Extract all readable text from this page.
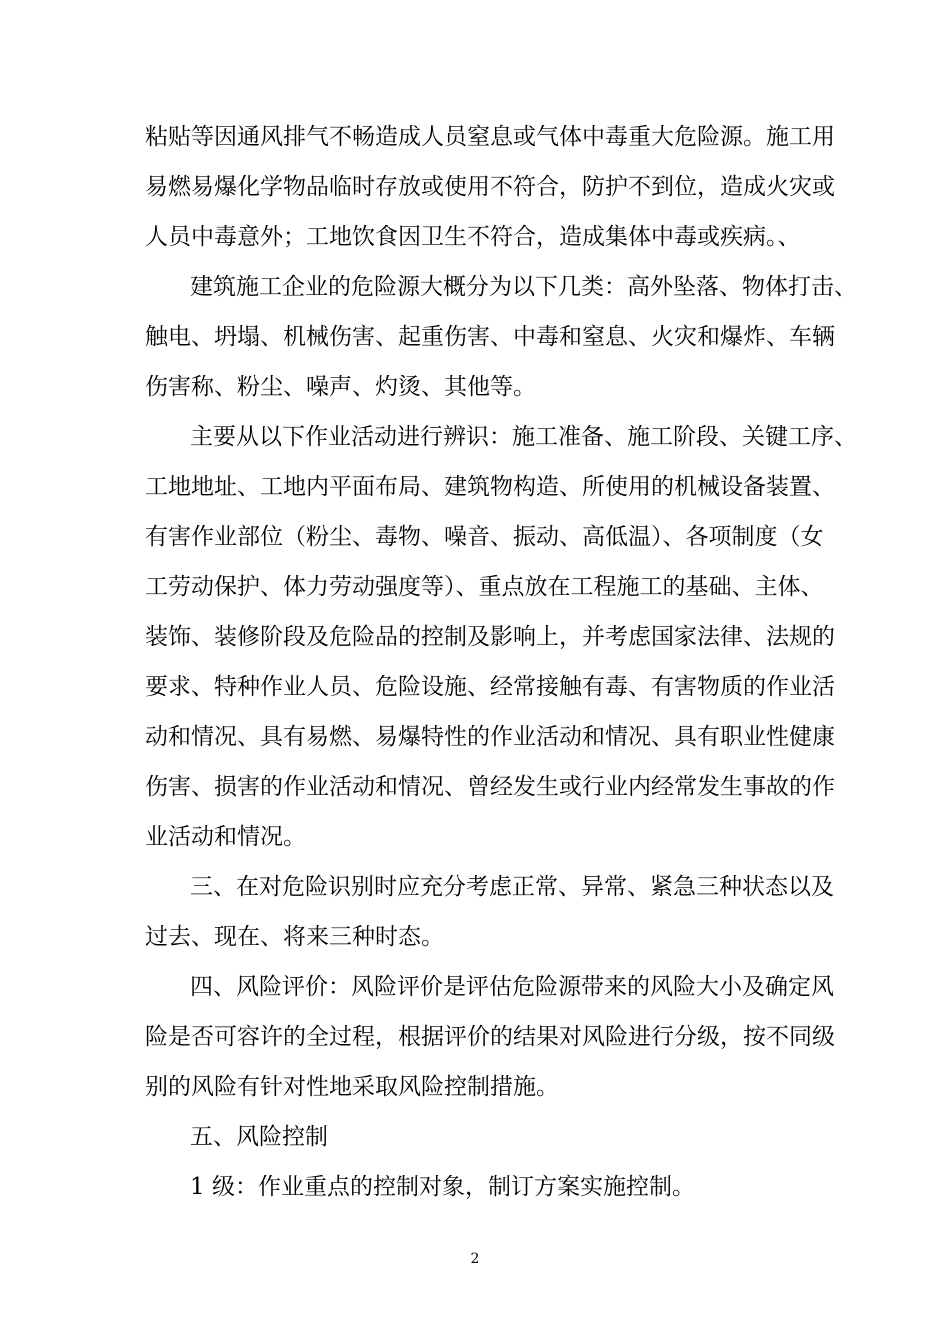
粘贴等因通风排气不畅造成人员窒息或气体中毒重大危险源。施工用
易燃易爆化学物品临时存放或使用不符合，防护不到位，造成火灾或
人员中毒意外；工地饮食因卫生不符合，造成集体中毒或疾病。、
建筑施工企业的危险源大概分为以下几类：高外坠落、物体打击、
触电、坍塌、机械伤害、起重伤害、中毒和窒息、火灾和爆炸、车辆
伤害称、粉尘、噪声、灼烫、其他等。
主要从以下作业活动进行辨识：施工准备、施工阶段、关键工序、
工地地址、工地内平面布局、建筑物构造、所使用的机械设备装置、
有害作业部位（粉尘、毒物、噪音、振动、高低温）、各项制度（女
工劳动保护、体力劳动强度等）、重点放在工程施工的基础、主体、
装饰、装修阶段及危险品的控制及影响上，并考虑国家法律、法规的
要求、特种作业人员、危险设施、经常接触有毒、有害物质的作业活
动和情况、具有易燃、易爆特性的作业活动和情况、具有职业性健康
伤害、损害的作业活动和情况、曾经发生或行业内经常发生事故的作
业活动和情况。
三、在对危险识别时应充分考虑正常、异常、紧急三种状态以及
过去、现在、将来三种时态。
四、风险评价：风险评价是评估危险源带来的风险大小及确定风
险是否可容许的全过程，根据评价的结果对风险进行分级，按不同级
别的风险有针对性地采取风险控制措施。
五、风险控制
1 级：作业重点的控制对象，制订方案实施控制。
2
